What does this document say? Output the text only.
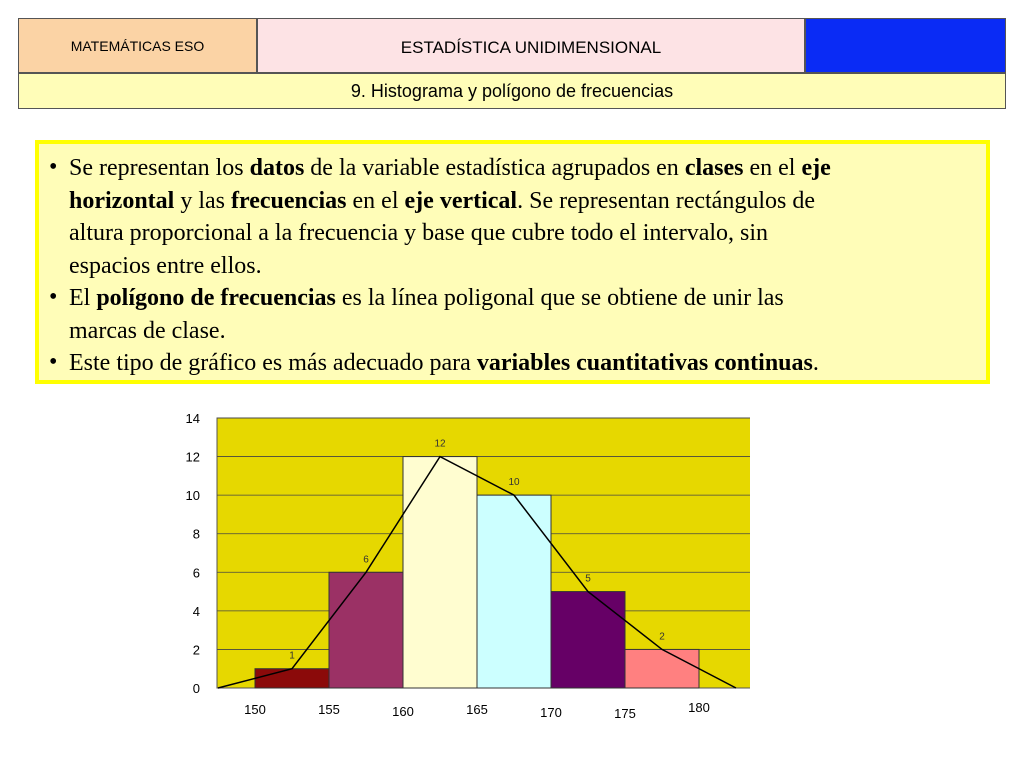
MATEMÁTICAS ESO	ESTADÍSTICA UNIDIMENSIONAL
9. Histograma y polígono de frecuencias
• Se representan los datos de la variable estadística agrupados en clases en el eje
horizontal y las frecuencias en el eje vertical. Se representan rectángulos de
altura proporcional a la frecuencia y base que cubre todo el intervalo, sin
espacios entre ellos.
• El polígono de frecuencias es la línea poligonal que se obtiene de unir las
marcas de clase.
• Este tipo de gráfico es más adecuado para variables cuantitativas continuas.
1
6
12
10
5
2
0
2
4
6
8
10
12
14
150	155	160	165	170	175	180
